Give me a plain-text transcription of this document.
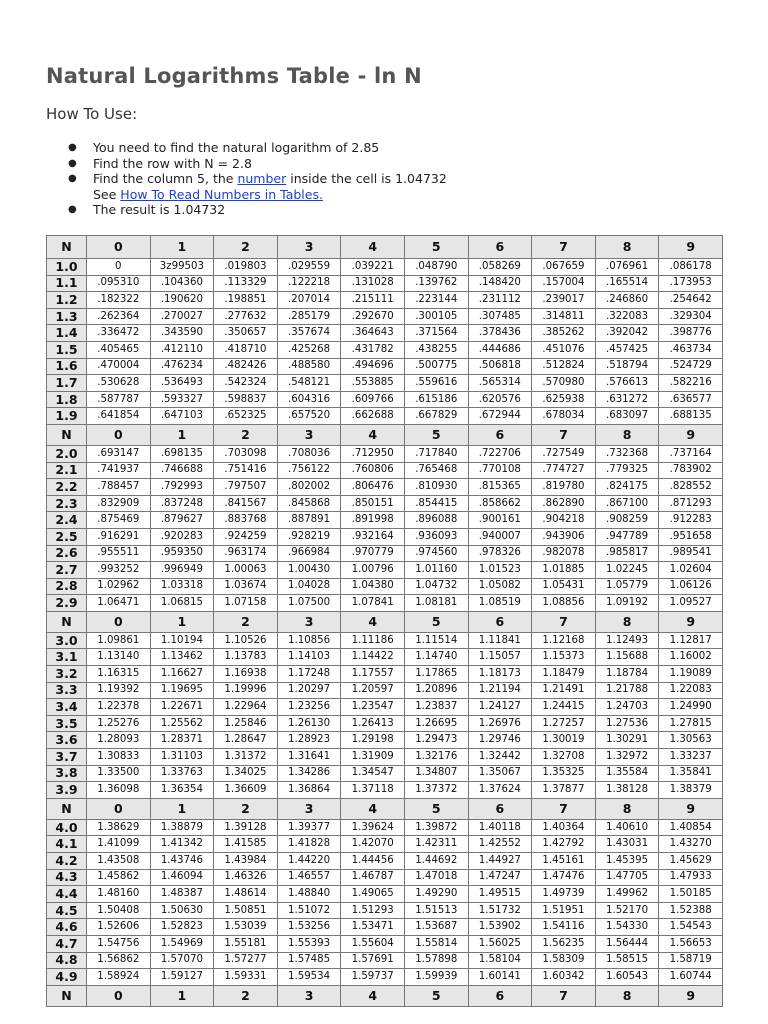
Natural Logarithms Table - ln N
How To Use:
● You need to find the natural logarithm of 2.85
● Find the row with N = 2.8
● Find the column 5, the number inside the cell is 1.04732
See How To Read Numbers in Tables.
● The result is 1.04732
N	0	1	2	3	4	5	6	7	8	9
1.0	0	3z99503	.019803	.029559	.039221	.048790	.058269	.067659	.076961	.086178
1.1	.095310	.104360	.113329	.122218	.131028	.139762	.148420	.157004	.165514	.173953
1.2	.182322	.190620	.198851	.207014	.215111	.223144	.231112	.239017	.246860	.254642
1.3	.262364	.270027	.277632	.285179	.292670	.300105	.307485	.314811	.322083	.329304
1.4	.336472	.343590	.350657	.357674	.364643	.371564	.378436	.385262	.392042	.398776
1.5	.405465	.412110	.418710	.425268	.431782	.438255	.444686	.451076	.457425	.463734
1.6	.470004	.476234	.482426	.488580	.494696	.500775	.506818	.512824	.518794	.524729
1.7	.530628	.536493	.542324	.548121	.553885	.559616	.565314	.570980	.576613	.582216
1.8	.587787	.593327	.598837	.604316	.609766	.615186	.620576	.625938	.631272	.636577
1.9	.641854	.647103	.652325	.657520	.662688	.667829	.672944	.678034	.683097	.688135
N	0	1	2	3	4	5	6	7	8	9
2.0	.693147	.698135	.703098	.708036	.712950	.717840	.722706	.727549	.732368	.737164
2.1	.741937	.746688	.751416	.756122	.760806	.765468	.770108	.774727	.779325	.783902
2.2	.788457	.792993	.797507	.802002	.806476	.810930	.815365	.819780	.824175	.828552
2.3	.832909	.837248	.841567	.845868	.850151	.854415	.858662	.862890	.867100	.871293
2.4	.875469	.879627	.883768	.887891	.891998	.896088	.900161	.904218	.908259	.912283
2.5	.916291	.920283	.924259	.928219	.932164	.936093	.940007	.943906	.947789	.951658
2.6	.955511	.959350	.963174	.966984	.970779	.974560	.978326	.982078	.985817	.989541
2.7	.993252	.996949	1.00063	1.00430	1.00796	1.01160	1.01523	1.01885	1.02245	1.02604
2.8	1.02962	1.03318	1.03674	1.04028	1.04380	1.04732	1.05082	1.05431	1.05779	1.06126
2.9	1.06471	1.06815	1.07158	1.07500	1.07841	1.08181	1.08519	1.08856	1.09192	1.09527
N	0	1	2	3	4	5	6	7	8	9
3.0	1.09861	1.10194	1.10526	1.10856	1.11186	1.11514	1.11841	1.12168	1.12493	1.12817
3.1	1.13140	1.13462	1.13783	1.14103	1.14422	1.14740	1.15057	1.15373	1.15688	1.16002
3.2	1.16315	1.16627	1.16938	1.17248	1.17557	1.17865	1.18173	1.18479	1.18784	1.19089
3.3	1.19392	1.19695	1.19996	1.20297	1.20597	1.20896	1.21194	1.21491	1.21788	1.22083
3.4	1.22378	1.22671	1.22964	1.23256	1.23547	1.23837	1.24127	1.24415	1.24703	1.24990
3.5	1.25276	1.25562	1.25846	1.26130	1.26413	1.26695	1.26976	1.27257	1.27536	1.27815
3.6	1.28093	1.28371	1.28647	1.28923	1.29198	1.29473	1.29746	1.30019	1.30291	1.30563
3.7	1.30833	1.31103	1.31372	1.31641	1.31909	1.32176	1.32442	1.32708	1.32972	1.33237
3.8	1.33500	1.33763	1.34025	1.34286	1.34547	1.34807	1.35067	1.35325	1.35584	1.35841
3.9	1.36098	1.36354	1.36609	1.36864	1.37118	1.37372	1.37624	1.37877	1.38128	1.38379
N	0	1	2	3	4	5	6	7	8	9
4.0	1.38629	1.38879	1.39128	1.39377	1.39624	1.39872	1.40118	1.40364	1.40610	1.40854
4.1	1.41099	1.41342	1.41585	1.41828	1.42070	1.42311	1.42552	1.42792	1.43031	1.43270
4.2	1.43508	1.43746	1.43984	1.44220	1.44456	1.44692	1.44927	1.45161	1.45395	1.45629
4.3	1.45862	1.46094	1.46326	1.46557	1.46787	1.47018	1.47247	1.47476	1.47705	1.47933
4.4	1.48160	1.48387	1.48614	1.48840	1.49065	1.49290	1.49515	1.49739	1.49962	1.50185
4.5	1.50408	1.50630	1.50851	1.51072	1.51293	1.51513	1.51732	1.51951	1.52170	1.52388
4.6	1.52606	1.52823	1.53039	1.53256	1.53471	1.53687	1.53902	1.54116	1.54330	1.54543
4.7	1.54756	1.54969	1.55181	1.55393	1.55604	1.55814	1.56025	1.56235	1.56444	1.56653
4.8	1.56862	1.57070	1.57277	1.57485	1.57691	1.57898	1.58104	1.58309	1.58515	1.58719
4.9	1.58924	1.59127	1.59331	1.59534	1.59737	1.59939	1.60141	1.60342	1.60543	1.60744
N	0	1	2	3	4	5	6	7	8	9
